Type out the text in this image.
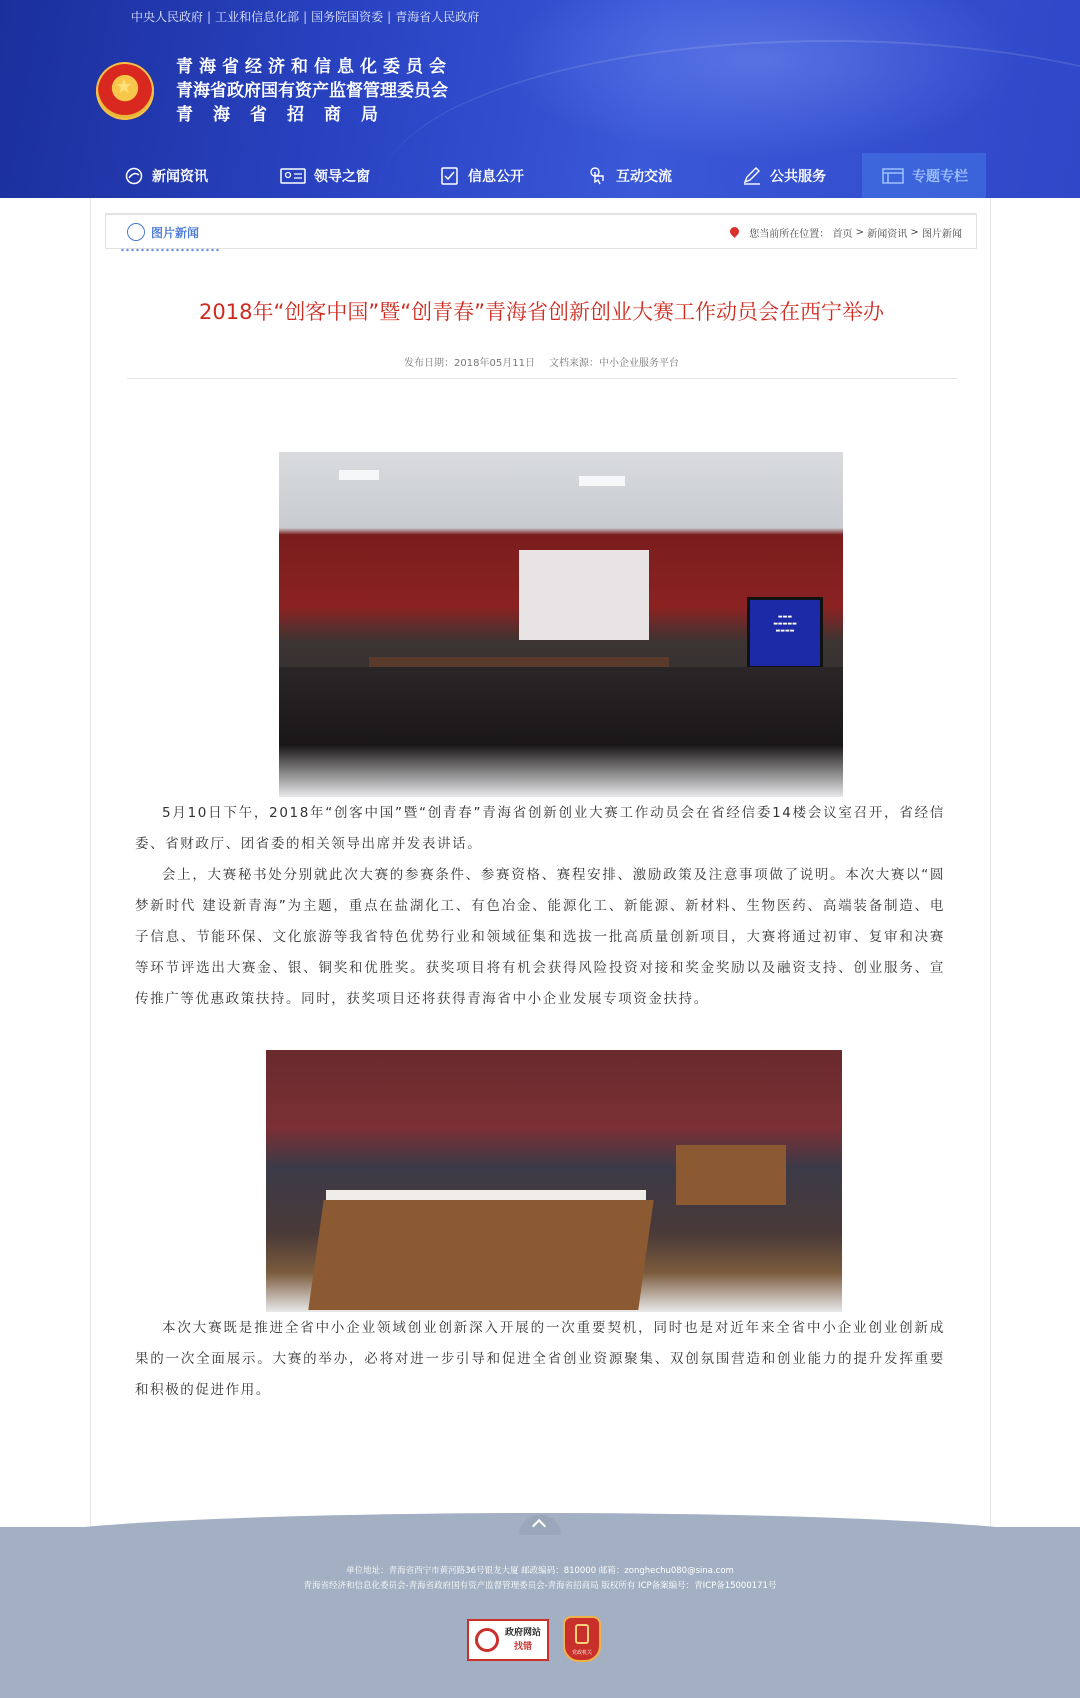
中央人民政府 | 工业和信息化部 | 国务院国资委 | 青海省人民政府
★
青海省经济和信息化委员会
青海省政府国有资产监督管理委员会
青海省招商局
新闻资讯	领导之窗	信息公开	互动交流	公共服务	专题专栏
图片新闻	您当前所在位置：
首页
>
新闻资讯
>
图片新闻
2018年“创客中国”暨“创青春”青海省创新创业大赛工作动员会在西宁举办
发布日期：2018年05月11日 文档来源：中小企业服务平台
▬▬▬
▬▬▬▬▬
▬▬▬▬

5月10日下午，2018年“创客中国”暨“创青春”青海省创新创业大赛工作动员会在省经信委14楼会议室召开，省经信委、省财政厅、团省委的相关领导出席并发表讲话。

会上，大赛秘书处分别就此次大赛的参赛条件、参赛资格、赛程安排、激励政策及注意事项做了说明。本次大赛以“圆梦新时代 建设新青海”为主题，重点在盐湖化工、有色冶金、能源化工、新能源、新材料、生物医药、高端装备制造、电子信息、节能环保、文化旅游等我省特色优势行业和领域征集和选拔一批高质量创新项目，大赛将通过初审、复审和决赛等环节评选出大赛金、银、铜奖和优胜奖。获奖项目将有机会获得风险投资对接和奖金奖励以及融资支持、创业服务、宣传推广等优惠政策扶持。同时，获奖项目还将获得青海省中小企业发展专项资金扶持。

本次大赛既是推进全省中小企业领域创业创新深入开展的一次重要契机，同时也是对近年来全省中小企业创业创新成果的一次全面展示。大赛的举办，必将对进一步引导和促进全省创业资源聚集、双创氛围营造和创业能力的提升发挥重要和积极的促进作用。

单位地址：青海省西宁市黄河路36号银龙大厦 邮政编码：810000 邮箱：zonghechu080@sina.com
青海省经济和信息化委员会-青海省政府国有资产监督管理委员会-青海省招商局 版权所有 ICP备案编号：青ICP备15000171号
政府网站
找错
党政机关
